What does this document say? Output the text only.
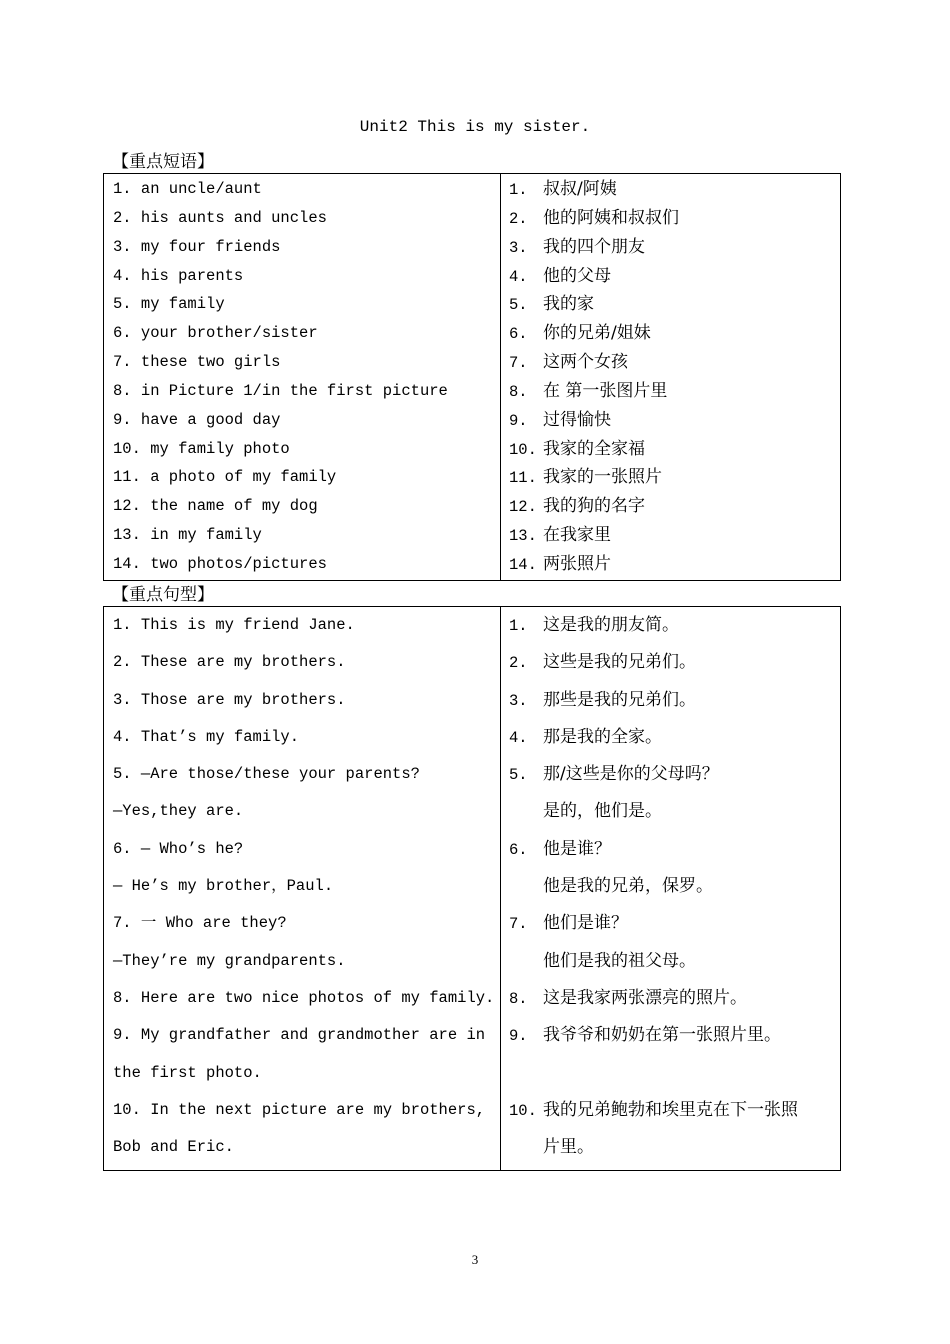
Unit2 This is my sister.
【重点短语】
1. an uncle/aunt
2. his aunts and uncles
3. my four friends
4. his parents
5. my family
6. your brother/sister
7. these two girls
8. in Picture 1/in the first picture
9. have a good day
10. my family photo
11. a photo of my family
12. the name of my dog
13. in my family
14. two photos/pictures

1. 叔叔/阿姨
2. 他的阿姨和叔叔们
3. 我的四个朋友
4. 他的父母
5. 我的家
6. 你的兄弟/姐妹
7. 这两个女孩
8. 在 第一张图片里
9. 过得愉快
10. 我家的全家福
11. 我家的一张照片
12. 我的狗的名字
13. 在我家里
14. 两张照片
【重点句型】
1. This is my friend Jane.
2. These are my brothers.
3. Those are my brothers.
4. That’s my family.
5. —Are those/these your parents?
—Yes,they are.
6. — Who’s he?
— He’s my brother，Paul.
7. 一 Who are they?
—They’re my grandparents.
8. Here are two nice photos of my family.
9. My grandfather and grandmother are in
the first photo.
10. In the next picture are my brothers,
Bob and Eric.

1. 这是我的朋友简。
2. 这些是我的兄弟们。
3. 那些是我的兄弟们。
4. 那是我的全家。
5. 那/这些是你的父母吗？
是的，他们是。
6. 他是谁？
他是我的兄弟，保罗。
7. 他们是谁？
他们是我的祖父母。
8. 这是我家两张漂亮的照片。
9. 我爷爷和奶奶在第一张照片里。
10. 我的兄弟鲍勃和埃里克在下一张照
片里。
3
